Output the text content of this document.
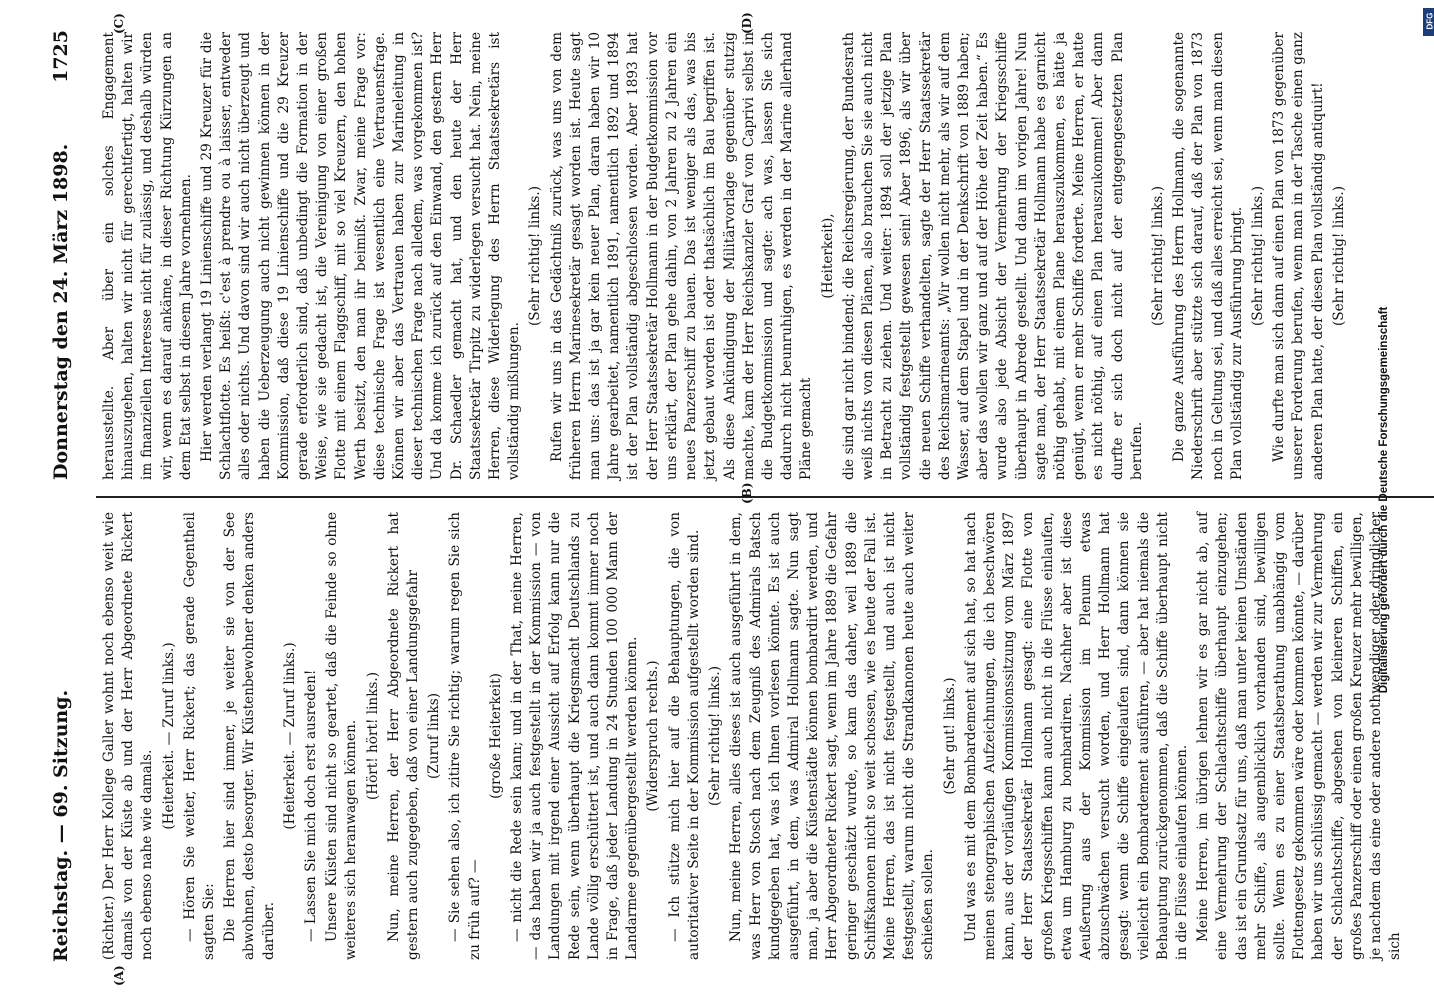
Reichstag. — 69. Sitzung.
Donnerstag den 24. März 1898.
1725
(A)
(B)
(C)	(D)

(Richter.) Der Herr Kollege Galler wohnt noch ebenso weit wie damals von der Küste ab und der Herr Abgeordnete Rickert noch ebenso nahe wie damals.

(Heiterkeit. — Zuruf links.) — Hören Sie weiter, Herr Rickert; das gerade Gegentheil sagten Sie: Die Herren hier sind immer, je weiter sie von der See abwohnen, desto besorgter. Wir Küstenbewohner denken anders darüber.

(Heiterkeit. — Zuruf links.) — Lassen Sie mich doch erst ausreden! Unsere Küsten sind nicht so geartet, daß die Feinde so ohne weiteres sich heranwagen können. (Hört! hört! links.) Nun, meine Herren, der Herr Abgeordnete Rickert hat gestern auch zugegeben, daß von einer Landungsgefahr (Zuruf links) — Sie sehen also, ich zitire Sie richtig; warum regen Sie sich zu früh auf? —

(große Heiterkeit) — nicht die Rede sein kann; und in der That, meine Herren, — das haben wir ja auch festgestellt in der Kommission — von Landungen mit irgend einer Aussicht auf Erfolg kann nur die Rede sein, wenn überhaupt die Kriegsmacht Deutschlands zu Lande völlig erschüttert ist, und auch dann kommt immer noch in Frage, daß jeder Landung in 24 Stunden 100 000 Mann der Landarmee gegenübergestellt werden können. (Widerspruch rechts.) — Ich stütze mich hier auf die Behauptungen, die von autoritativer Seite in der Kommission aufgestellt worden sind. (Sehr richtig! links.) Nun, meine Herren, alles dieses ist auch ausgeführt in dem, was Herr von Stosch nach dem Zeugniß des Admirals Batsch kundgegeben hat, was ich Ihnen vorlesen könnte. Es ist auch ausgeführt, in dem, was Admiral Hollmann sagte. Nun sagt man, ja aber die Küstenstädte können bombardirt werden, und Herr Abgeordneter Rickert sagt, wenn im Jahre 1889 die Gefahr geringer geschätzt wurde, so kam das daher, weil 1889 die Schiffskanonen nicht so weit schossen, wie es heute der Fall ist. Meine Herren, das ist nicht festgestellt, und auch ist nicht festgestellt, warum nicht die Strandkanonen heute auch weiter schießen sollen.

(Sehr gut! links.) Und was es mit dem Bombardement auf sich hat, so hat nach meinen stenographischen Aufzeichnungen, die ich beschwören kann, aus der vorläufigen Kommissionssitzung vom März 1897 der Herr Staatssekretär Hollmann gesagt: eine Flotte von großen Kriegsschiffen kann auch nicht in die Flüsse einlaufen, etwa um Hamburg zu bombardiren. Nachher aber ist diese Aeußerung aus der Kommission im Plenum etwas abzuschwächen versucht worden, und Herr Hollmann hat gesagt: wenn die Schiffe eingelaufen sind, dann können sie vielleicht ein Bombardement ausführen, — aber hat niemals die Behauptung zurückgenommen, daß die Schiffe überhaupt nicht in die Flüsse einlaufen können. Meine Herren, im übrigen lehnen wir es gar nicht ab, auf eine Vermehrung der Schlachtschiffe überhaupt einzugehen; das ist ein Grundsatz für uns, daß man unter keinen Umständen mehr Schiffe, als augenblicklich vorhanden sind, bewilligen sollte. Wenn es zu einer Staatsberathung unabhängig vom Flottengesetz gekommen wäre oder kommen könnte, — darüber haben wir uns schlüssig gemacht — werden wir zur Vermehrung der Schlachtschiffe, abgesehen von kleineren Schiffen, ein großes Panzerschiff oder einen großen Kreuzer mehr bewilligen, je nachdem das eine oder andere nothwendiger oder dringlicher sich

herausstellte. Aber über ein solches Engagement hinauszugehen, halten wir nicht für gerechtfertigt, halten wir im finanziellen Interesse nicht für zulässig, und deshalb würden wir, wenn es darauf ankäme, in dieser Richtung Kürzungen an dem Etat selbst in diesem Jahre vornehmen. Hier werden verlangt 19 Linienschiffe und 29 Kreuzer für die Schlachtflotte. Es heißt: c'est à prendre ou à laisser, entweder alles oder nichts. Und davon sind wir auch nicht überzeugt und haben die Ueberzeugung auch nicht gewinnen können in der Kommission, daß diese 19 Linienschiffe und die 29 Kreuzer gerade erforderlich sind, daß unbedingt die Formation in der Weise, wie sie gedacht ist, die Vereinigung von einer großen Flotte mit einem Flaggschiff, mit so viel Kreuzern, den hohen Werth besitzt, den man ihr beimißt. Zwar, meine Frage vor: diese technische Frage ist wesentlich eine Vertrauensfrage. Können wir aber das Vertrauen haben zur Marineleitung in dieser technischen Frage nach alledem, was vorgekommen ist? Und da komme ich zurück auf den Einwand, den gestern Herr Dr. Schaedler gemacht hat, und den heute der Herr Staatssekretär Tirpitz zu widerlegen versucht hat. Nein, meine Herren, diese Widerlegung des Herrn Staatssekretärs ist vollständig mißlungen.

(Sehr richtig! links.) Rufen wir uns in das Gedächtniß zurück, was uns von dem früheren Herrn Marinesekretär gesagt worden ist. Heute sagt man uns: das ist ja gar kein neuer Plan, daran haben wir 10 Jahre gearbeitet, namentlich 1891, namentlich 1892 und 1894 ist der Plan vollständig abgeschlossen worden. Aber 1893 hat der Herr Staatssekretär Hollmann in der Budgetkommission vor uns erklärt, der Plan gehe dahin, von 2 Jahren zu 2 Jahren ein neues Panzerschiff zu bauen. Das ist weniger als das, was bis jetzt gebaut worden ist oder thatsächlich im Bau begriffen ist. Als diese Ankündigung der Militärvorlage gegenüber stutzig machte, kam der Herr Reichskanzler Graf von Caprivi selbst in die Budgetkommission und sagte: ach was, lassen Sie sich dadurch nicht beunruhigen, es werden in der Marine allerhand Pläne gemacht

(Heiterkeit), die sind gar nicht bindend; die Reichsregierung, der Bundesrath weiß nichts von diesen Plänen, also brauchen Sie sie auch nicht in Betracht zu ziehen. Und weiter: 1894 soll der jetzige Plan vollständig festgestellt gewesen sein! Aber 1896, als wir über die neuen Schiffe verhandelten, sagte der Herr Staatssekretär des Reichsmarineamts: „Wir wollen nicht mehr, als wir auf dem Wasser, auf dem Stapel und in der Denkschrift von 1889 haben; aber das wollen wir ganz und auf der Höhe der Zeit haben.“ Es wurde also jede Absicht der Vermehrung der Kriegsschiffe überhaupt in Abrede gestellt. Und dann im vorigen Jahre! Nun sagte man, der Herr Staatssekretär Hollmann habe es garnicht nöthig gehabt, mit einem Plane herauszukommen, es hätte ja genügt, wenn er mehr Schiffe forderte. Meine Herren, er hatte es nicht nöthig, auf einen Plan herauszukommen! Aber dann durfte er sich doch nicht auf der entgegengesetzten Plan berufen.

(Sehr richtig! links.) Die ganze Ausführung des Herrn Hollmann, die sogenannte Niederschrift aber stützte sich darauf, daß der Plan von 1873 noch in Geltung sei, und daß alles erreicht sei, wenn man diesen Plan vollständig zur Ausführung bringt. (Sehr richtig! links.) Wie durfte man sich dann auf einen Plan von 1873 gegenüber unserer Forderung berufen, wenn man in der Tasche einen ganz anderen Plan hatte, der diesen Plan vollständig antiquirt! (Sehr richtig! links.)

Digitalisierung gefördert durch die Deutsche Forschungsgemeinschaft
DFG
